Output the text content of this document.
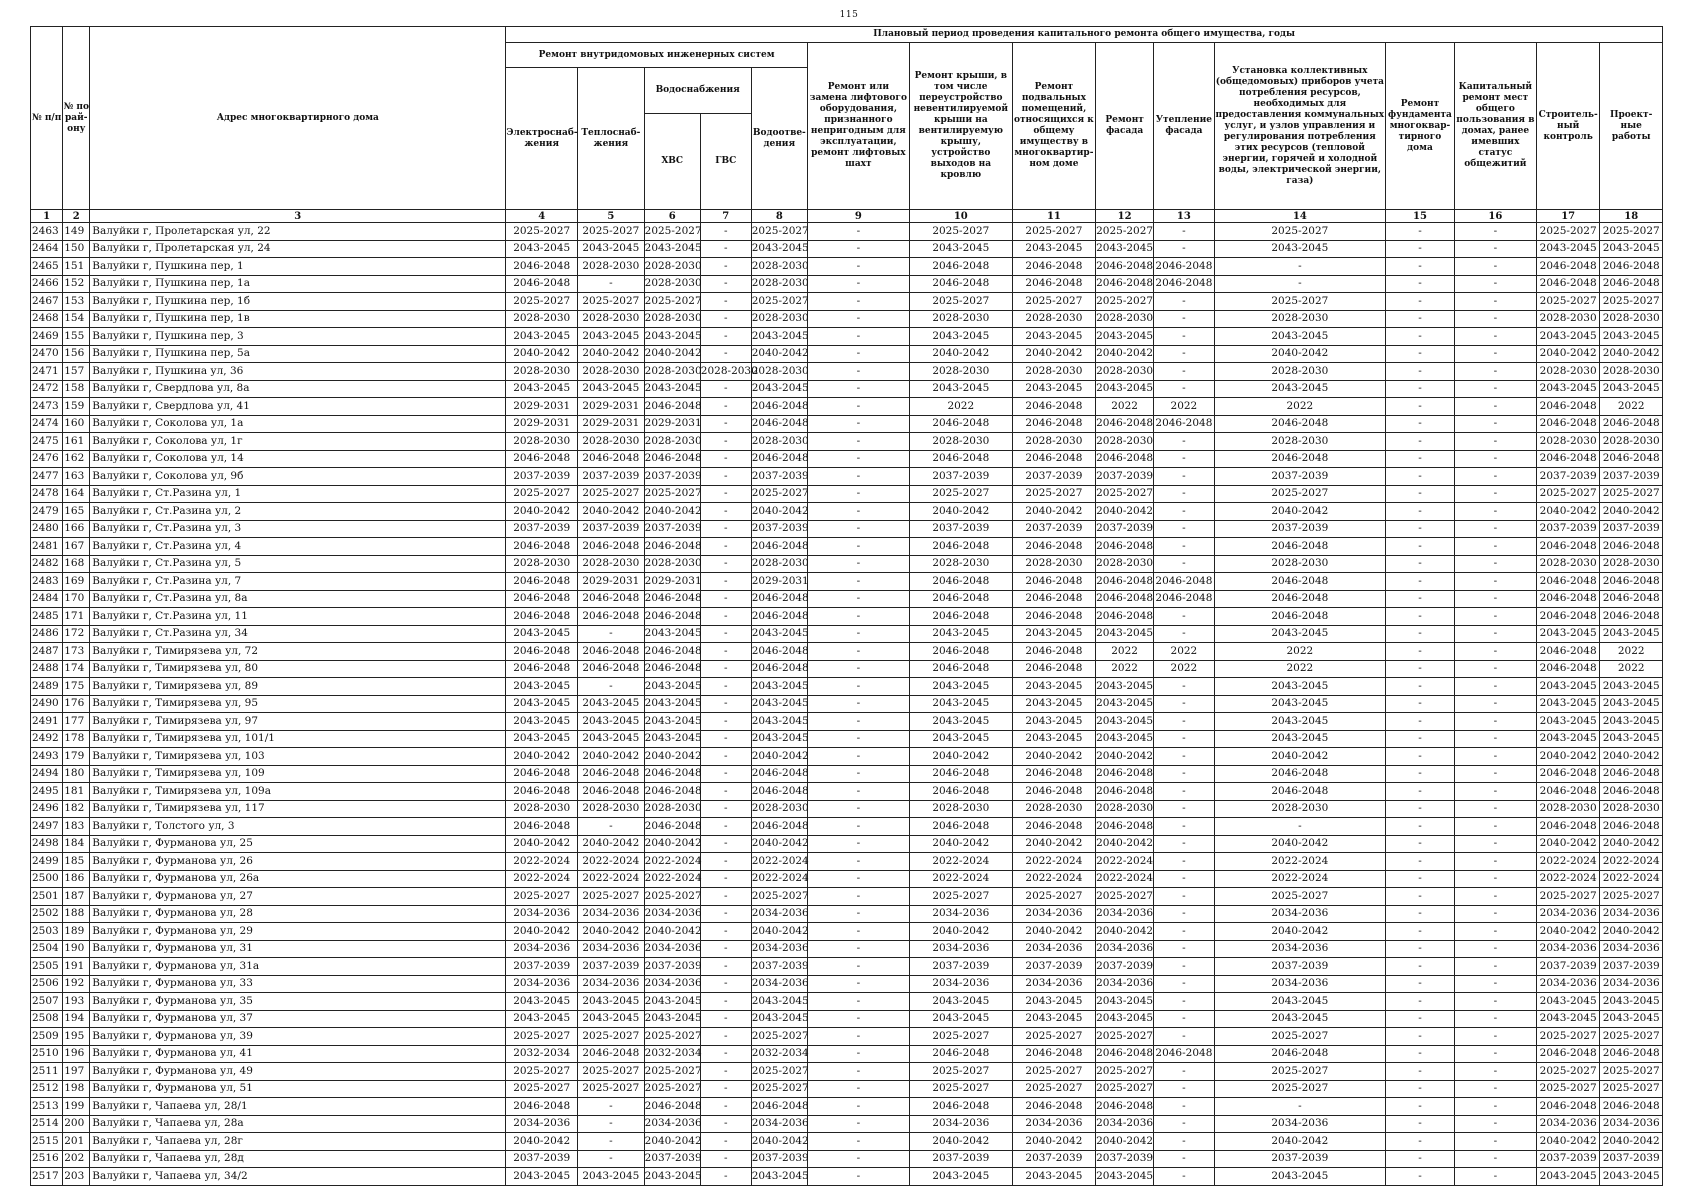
115
№ п/п	№ по рай-ону	Адрес многоквартирного дома	Плановый период проведения капитального ремонта общего имущества, годы														
			Ремонт внутридомовых инженерных систем					Ремонт или замена лифтового оборудования, признанного непригодным для эксплуатации, ремонт лифтовых шахт	Ремонт крыши, в том числе переустройство невентилируемой крыши на вентилируемую крышу, устройство выходов на кровлю	Ремонт подвальных помещений, относящихся к общему имуществу в многоквартир-ном доме	Ремонт фасада	Утепление фасада	Установка коллективных (общедомовых) приборов учета потребления ресурсов, необходимых для предоставления коммунальных услуг, и узлов управления и регулирования потребления этих ресурсов (тепловой энергии, горячей и холодной воды, электрической энергии, газа)	Ремонт фундамента многоквар-тирного дома	Капитальный ремонт мест общего пользования в домах, ранее имевших статус общежитий	Строитель-ный контроль	Проект-ные работы
			Электроснаб-жения	Теплоснаб-жения	Водоснабжения		Водоотве-дения										
					ХВС	ГВС											
1	2	3	4	5	6	7	8	9	10	11	12	13	14	15	16	17	18
2463	149	Валуйки г, Пролетарская ул, 22	2025-2027	2025-2027	2025-2027	-	2025-2027	-	2025-2027	2025-2027	2025-2027	-	2025-2027	-	-	2025-2027	2025-2027
2464	150	Валуйки г, Пролетарская ул, 24	2043-2045	2043-2045	2043-2045	-	2043-2045	-	2043-2045	2043-2045	2043-2045	-	2043-2045	-	-	2043-2045	2043-2045
2465	151	Валуйки г, Пушкина пер, 1	2046-2048	2028-2030	2028-2030	-	2028-2030	-	2046-2048	2046-2048	2046-2048	2046-2048	-	-	-	2046-2048	2046-2048
2466	152	Валуйки г, Пушкина пер, 1а	2046-2048	-	2028-2030	-	2028-2030	-	2046-2048	2046-2048	2046-2048	2046-2048	-	-	-	2046-2048	2046-2048
2467	153	Валуйки г, Пушкина пер, 1б	2025-2027	2025-2027	2025-2027	-	2025-2027	-	2025-2027	2025-2027	2025-2027	-	2025-2027	-	-	2025-2027	2025-2027
2468	154	Валуйки г, Пушкина пер, 1в	2028-2030	2028-2030	2028-2030	-	2028-2030	-	2028-2030	2028-2030	2028-2030	-	2028-2030	-	-	2028-2030	2028-2030
2469	155	Валуйки г, Пушкина пер, 3	2043-2045	2043-2045	2043-2045	-	2043-2045	-	2043-2045	2043-2045	2043-2045	-	2043-2045	-	-	2043-2045	2043-2045
2470	156	Валуйки г, Пушкина пер, 5а	2040-2042	2040-2042	2040-2042	-	2040-2042	-	2040-2042	2040-2042	2040-2042	-	2040-2042	-	-	2040-2042	2040-2042
2471	157	Валуйки г, Пушкина ул, 36	2028-2030	2028-2030	2028-2030	2028-2030	2028-2030	-	2028-2030	2028-2030	2028-2030	-	2028-2030	-	-	2028-2030	2028-2030
2472	158	Валуйки г, Свердлова ул, 8а	2043-2045	2043-2045	2043-2045	-	2043-2045	-	2043-2045	2043-2045	2043-2045	-	2043-2045	-	-	2043-2045	2043-2045
2473	159	Валуйки г, Свердлова ул, 41	2029-2031	2029-2031	2046-2048	-	2046-2048	-	2022	2046-2048	2022	2022	2022	-	-	2046-2048	2022
2474	160	Валуйки г, Соколова ул, 1а	2029-2031	2029-2031	2029-2031	-	2046-2048	-	2046-2048	2046-2048	2046-2048	2046-2048	2046-2048	-	-	2046-2048	2046-2048
2475	161	Валуйки г, Соколова ул, 1г	2028-2030	2028-2030	2028-2030	-	2028-2030	-	2028-2030	2028-2030	2028-2030	-	2028-2030	-	-	2028-2030	2028-2030
2476	162	Валуйки г, Соколова ул, 14	2046-2048	2046-2048	2046-2048	-	2046-2048	-	2046-2048	2046-2048	2046-2048	-	2046-2048	-	-	2046-2048	2046-2048
2477	163	Валуйки г, Соколова ул, 9б	2037-2039	2037-2039	2037-2039	-	2037-2039	-	2037-2039	2037-2039	2037-2039	-	2037-2039	-	-	2037-2039	2037-2039
2478	164	Валуйки г, Ст.Разина ул, 1	2025-2027	2025-2027	2025-2027	-	2025-2027	-	2025-2027	2025-2027	2025-2027	-	2025-2027	-	-	2025-2027	2025-2027
2479	165	Валуйки г, Ст.Разина ул, 2	2040-2042	2040-2042	2040-2042	-	2040-2042	-	2040-2042	2040-2042	2040-2042	-	2040-2042	-	-	2040-2042	2040-2042
2480	166	Валуйки г, Ст.Разина ул, 3	2037-2039	2037-2039	2037-2039	-	2037-2039	-	2037-2039	2037-2039	2037-2039	-	2037-2039	-	-	2037-2039	2037-2039
2481	167	Валуйки г, Ст.Разина ул, 4	2046-2048	2046-2048	2046-2048	-	2046-2048	-	2046-2048	2046-2048	2046-2048	-	2046-2048	-	-	2046-2048	2046-2048
2482	168	Валуйки г, Ст.Разина ул, 5	2028-2030	2028-2030	2028-2030	-	2028-2030	-	2028-2030	2028-2030	2028-2030	-	2028-2030	-	-	2028-2030	2028-2030
2483	169	Валуйки г, Ст.Разина ул, 7	2046-2048	2029-2031	2029-2031	-	2029-2031	-	2046-2048	2046-2048	2046-2048	2046-2048	2046-2048	-	-	2046-2048	2046-2048
2484	170	Валуйки г, Ст.Разина ул, 8а	2046-2048	2046-2048	2046-2048	-	2046-2048	-	2046-2048	2046-2048	2046-2048	2046-2048	2046-2048	-	-	2046-2048	2046-2048
2485	171	Валуйки г, Ст.Разина ул, 11	2046-2048	2046-2048	2046-2048	-	2046-2048	-	2046-2048	2046-2048	2046-2048	-	2046-2048	-	-	2046-2048	2046-2048
2486	172	Валуйки г, Ст.Разина ул, 34	2043-2045	-	2043-2045	-	2043-2045	-	2043-2045	2043-2045	2043-2045	-	2043-2045	-	-	2043-2045	2043-2045
2487	173	Валуйки г, Тимирязева ул, 72	2046-2048	2046-2048	2046-2048	-	2046-2048	-	2046-2048	2046-2048	2022	2022	2022	-	-	2046-2048	2022
2488	174	Валуйки г, Тимирязева ул, 80	2046-2048	2046-2048	2046-2048	-	2046-2048	-	2046-2048	2046-2048	2022	2022	2022	-	-	2046-2048	2022
2489	175	Валуйки г, Тимирязева ул, 89	2043-2045	-	2043-2045	-	2043-2045	-	2043-2045	2043-2045	2043-2045	-	2043-2045	-	-	2043-2045	2043-2045
2490	176	Валуйки г, Тимирязева ул, 95	2043-2045	2043-2045	2043-2045	-	2043-2045	-	2043-2045	2043-2045	2043-2045	-	2043-2045	-	-	2043-2045	2043-2045
2491	177	Валуйки г, Тимирязева ул, 97	2043-2045	2043-2045	2043-2045	-	2043-2045	-	2043-2045	2043-2045	2043-2045	-	2043-2045	-	-	2043-2045	2043-2045
2492	178	Валуйки г, Тимирязева ул, 101/1	2043-2045	2043-2045	2043-2045	-	2043-2045	-	2043-2045	2043-2045	2043-2045	-	2043-2045	-	-	2043-2045	2043-2045
2493	179	Валуйки г, Тимирязева ул, 103	2040-2042	2040-2042	2040-2042	-	2040-2042	-	2040-2042	2040-2042	2040-2042	-	2040-2042	-	-	2040-2042	2040-2042
2494	180	Валуйки г, Тимирязева ул, 109	2046-2048	2046-2048	2046-2048	-	2046-2048	-	2046-2048	2046-2048	2046-2048	-	2046-2048	-	-	2046-2048	2046-2048
2495	181	Валуйки г, Тимирязева ул, 109а	2046-2048	2046-2048	2046-2048	-	2046-2048	-	2046-2048	2046-2048	2046-2048	-	2046-2048	-	-	2046-2048	2046-2048
2496	182	Валуйки г, Тимирязева ул, 117	2028-2030	2028-2030	2028-2030	-	2028-2030	-	2028-2030	2028-2030	2028-2030	-	2028-2030	-	-	2028-2030	2028-2030
2497	183	Валуйки г, Толстого ул, 3	2046-2048	-	2046-2048	-	2046-2048	-	2046-2048	2046-2048	2046-2048	-	-	-	-	2046-2048	2046-2048
2498	184	Валуйки г, Фурманова ул, 25	2040-2042	2040-2042	2040-2042	-	2040-2042	-	2040-2042	2040-2042	2040-2042	-	2040-2042	-	-	2040-2042	2040-2042
2499	185	Валуйки г, Фурманова ул, 26	2022-2024	2022-2024	2022-2024	-	2022-2024	-	2022-2024	2022-2024	2022-2024	-	2022-2024	-	-	2022-2024	2022-2024
2500	186	Валуйки г, Фурманова ул, 26а	2022-2024	2022-2024	2022-2024	-	2022-2024	-	2022-2024	2022-2024	2022-2024	-	2022-2024	-	-	2022-2024	2022-2024
2501	187	Валуйки г, Фурманова ул, 27	2025-2027	2025-2027	2025-2027	-	2025-2027	-	2025-2027	2025-2027	2025-2027	-	2025-2027	-	-	2025-2027	2025-2027
2502	188	Валуйки г, Фурманова ул, 28	2034-2036	2034-2036	2034-2036	-	2034-2036	-	2034-2036	2034-2036	2034-2036	-	2034-2036	-	-	2034-2036	2034-2036
2503	189	Валуйки г, Фурманова ул, 29	2040-2042	2040-2042	2040-2042	-	2040-2042	-	2040-2042	2040-2042	2040-2042	-	2040-2042	-	-	2040-2042	2040-2042
2504	190	Валуйки г, Фурманова ул, 31	2034-2036	2034-2036	2034-2036	-	2034-2036	-	2034-2036	2034-2036	2034-2036	-	2034-2036	-	-	2034-2036	2034-2036
2505	191	Валуйки г, Фурманова ул, 31а	2037-2039	2037-2039	2037-2039	-	2037-2039	-	2037-2039	2037-2039	2037-2039	-	2037-2039	-	-	2037-2039	2037-2039
2506	192	Валуйки г, Фурманова ул, 33	2034-2036	2034-2036	2034-2036	-	2034-2036	-	2034-2036	2034-2036	2034-2036	-	2034-2036	-	-	2034-2036	2034-2036
2507	193	Валуйки г, Фурманова ул, 35	2043-2045	2043-2045	2043-2045	-	2043-2045	-	2043-2045	2043-2045	2043-2045	-	2043-2045	-	-	2043-2045	2043-2045
2508	194	Валуйки г, Фурманова ул, 37	2043-2045	2043-2045	2043-2045	-	2043-2045	-	2043-2045	2043-2045	2043-2045	-	2043-2045	-	-	2043-2045	2043-2045
2509	195	Валуйки г, Фурманова ул, 39	2025-2027	2025-2027	2025-2027	-	2025-2027	-	2025-2027	2025-2027	2025-2027	-	2025-2027	-	-	2025-2027	2025-2027
2510	196	Валуйки г, Фурманова ул, 41	2032-2034	2046-2048	2032-2034	-	2032-2034	-	2046-2048	2046-2048	2046-2048	2046-2048	2046-2048	-	-	2046-2048	2046-2048
2511	197	Валуйки г, Фурманова ул, 49	2025-2027	2025-2027	2025-2027	-	2025-2027	-	2025-2027	2025-2027	2025-2027	-	2025-2027	-	-	2025-2027	2025-2027
2512	198	Валуйки г, Фурманова ул, 51	2025-2027	2025-2027	2025-2027	-	2025-2027	-	2025-2027	2025-2027	2025-2027	-	2025-2027	-	-	2025-2027	2025-2027
2513	199	Валуйки г, Чапаева ул, 28/1	2046-2048	-	2046-2048	-	2046-2048	-	2046-2048	2046-2048	2046-2048	-	-	-	-	2046-2048	2046-2048
2514	200	Валуйки г, Чапаева ул, 28а	2034-2036	-	2034-2036	-	2034-2036	-	2034-2036	2034-2036	2034-2036	-	2034-2036	-	-	2034-2036	2034-2036
2515	201	Валуйки г, Чапаева ул, 28г	2040-2042	-	2040-2042	-	2040-2042	-	2040-2042	2040-2042	2040-2042	-	2040-2042	-	-	2040-2042	2040-2042
2516	202	Валуйки г, Чапаева ул, 28д	2037-2039	-	2037-2039	-	2037-2039	-	2037-2039	2037-2039	2037-2039	-	2037-2039	-	-	2037-2039	2037-2039
2517	203	Валуйки г, Чапаева ул, 34/2	2043-2045	2043-2045	2043-2045	-	2043-2045	-	2043-2045	2043-2045	2043-2045	-	2043-2045	-	-	2043-2045	2043-2045
